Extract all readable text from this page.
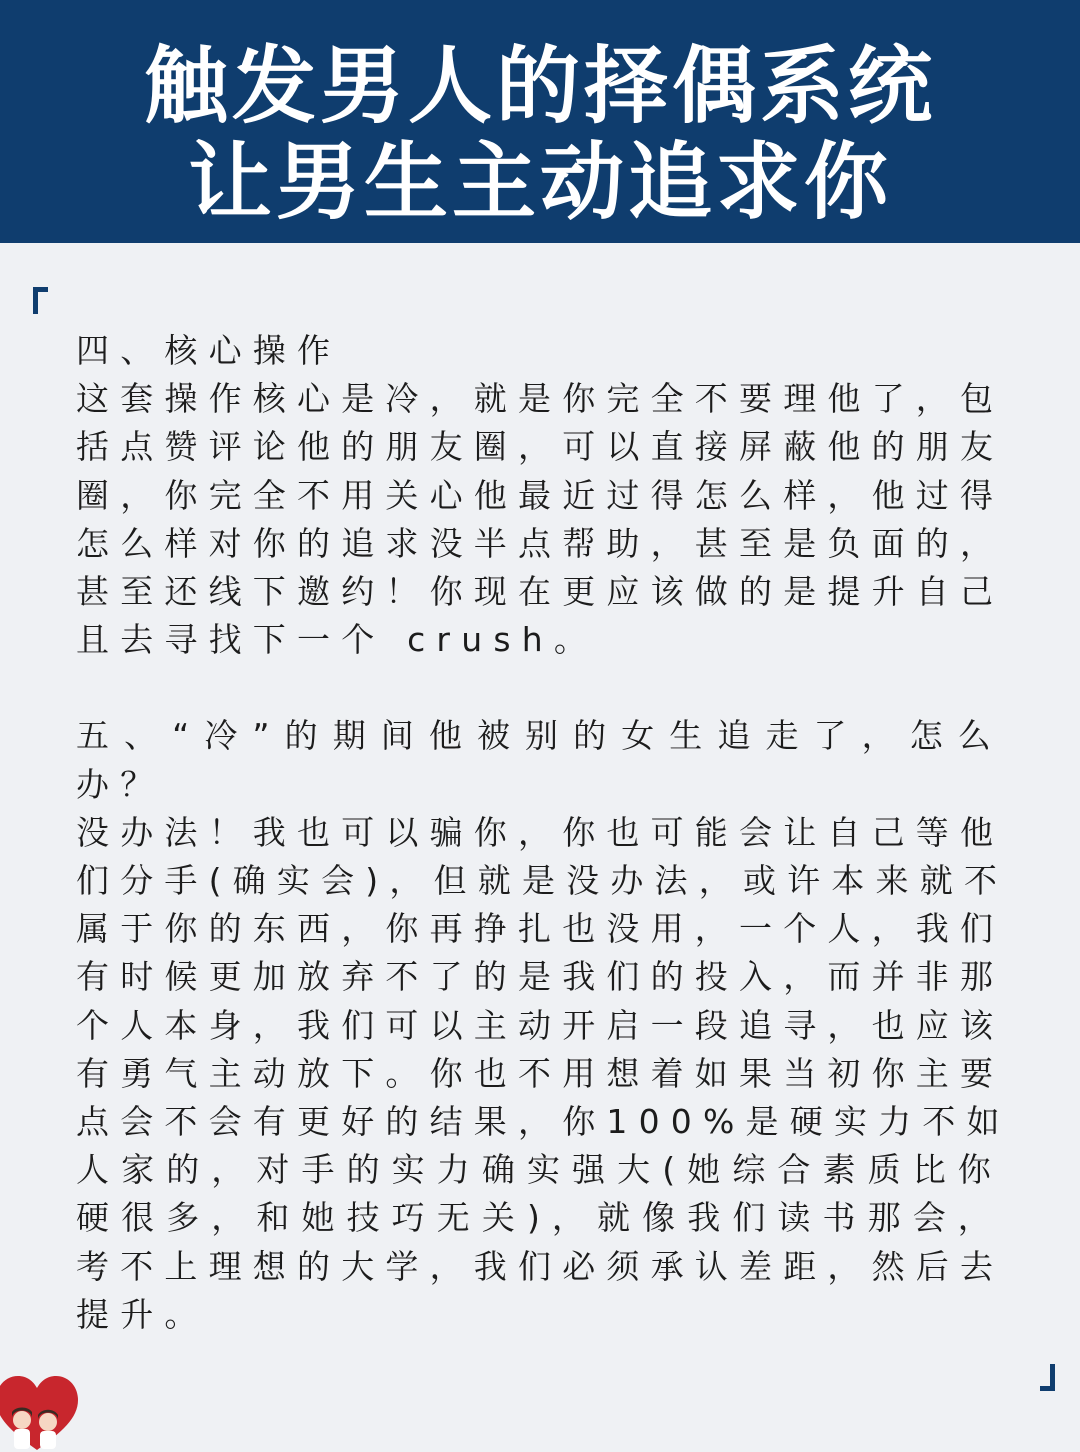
触发男人的择偶系统
让男生主动追求你
四、核心操作
这套操作核心是冷，就是你完全不要理他了，包
括点赞评论他的朋友圈，可以直接屏蔽他的朋友
圈，你完全不用关心他最近过得怎么样，他过得
怎么样对你的追求没半点帮助，甚至是负面的，
甚至还线下邀约！你现在更应该做的是提升自己
且去寻找下一个 crush。
五、“冷”的期间他被别的女生追走了，怎么
办？
没办法！我也可以骗你，你也可能会让自己等他
们分手(确实会)，但就是没办法，或许本来就不
属于你的东西，你再挣扎也没用，一个人，我们
有时候更加放弃不了的是我们的投入，而并非那
个人本身，我们可以主动开启一段追寻，也应该
有勇气主动放下。你也不用想着如果当初你主要
点会不会有更好的结果，你100%是硬实力不如
人家的，对手的实力确实强大(她综合素质比你
硬很多，和她技巧无关)，就像我们读书那会，
考不上理想的大学，我们必须承认差距，然后去
提升。
